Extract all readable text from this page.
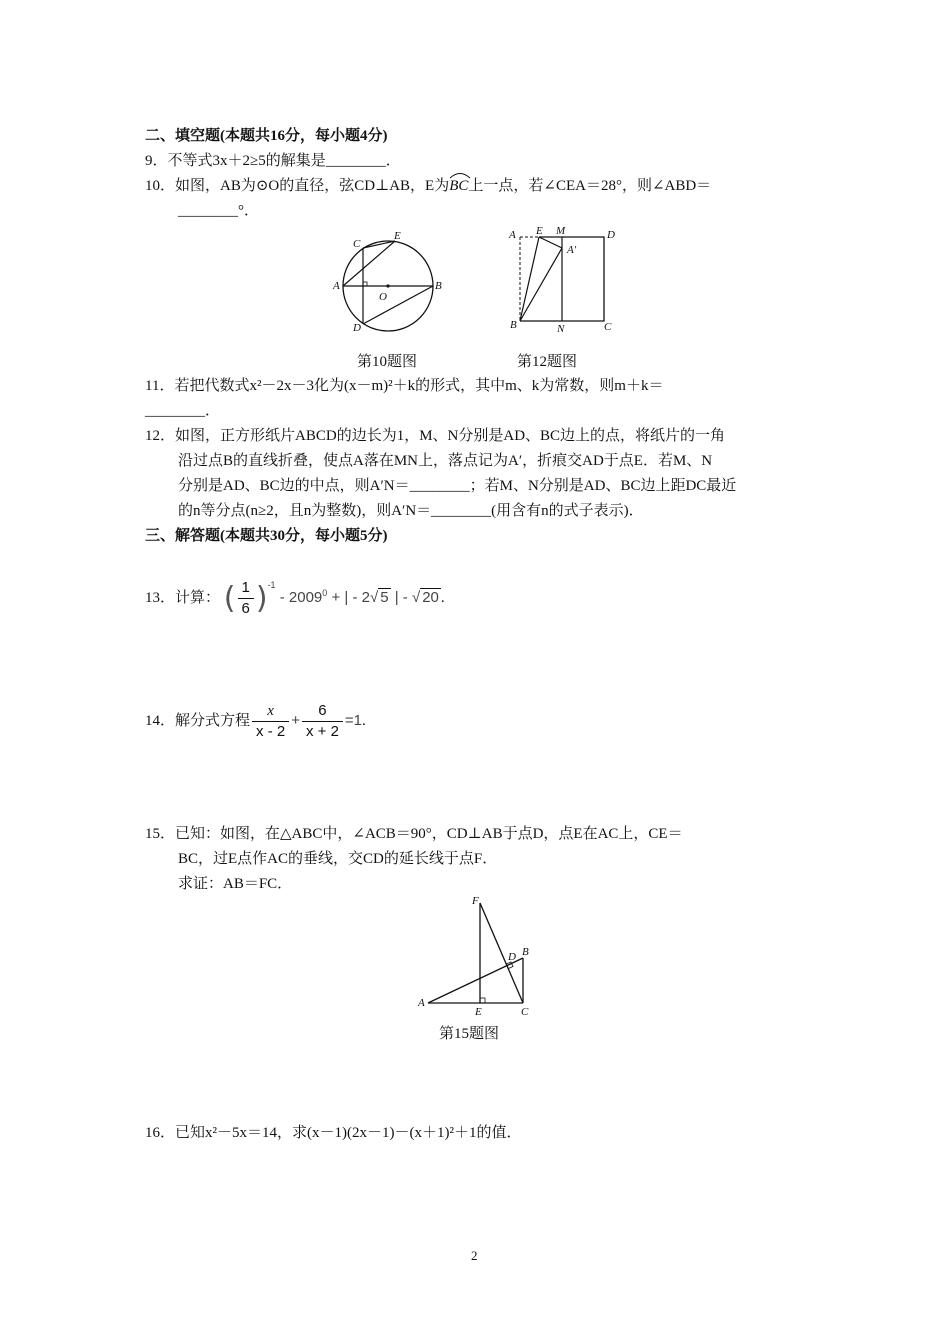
二、填空题(本题共16分，每小题4分)
9．不等式3x＋2≥5的解集是________．
10．如图，AB为⊙O的直径，弦CD⊥AB，E为BC
上一点，若∠CEA＝28°，则∠ABD＝
________°．
C
E
A
O
B
D
A E M	D
A′
B	N	C
第10题图	第12题图
11．若把代数式x²－2x－3化为(x－m)²＋k的形式，其中m、k为常数，则m＋k＝
________．
12．如图，正方形纸片ABCD的边长为1，M、N分别是AD、BC边上的点，将纸片的一角
沿过点B的直线折叠，使点A落在MN上，落点记为A′，折痕交AD于点E．若M、N
分别是AD、BC边的中点，则A′N＝________；若M、N分别是AD、BC边上距DC最近
的n等分点(n≥2，且n为整数)，则A′N＝________(用含有n的式子表示)．
三、解答题(本题共30分，每小题5分)
13．计算： ( $\frac{1}{6} )^{-1} - 2009^0$ + | - 2√ 5 | - √ 20 .
14．解分式方程 $\frac{x}{x - 2} + \frac{6}{x + 2} =1$.
15．已知：如图，在△ABC中，∠ACB＝90°，CD⊥AB于点D，点E在AC上，CE＝
BC，过E点作AC的垂线，交CD的延长线于点F．
求证：AB＝FC．
F
D B
A
E	C
第15题图
16．已知x²－5x＝14，求(x－1)(2x－1)－(x＋1)²＋1的值．
2
